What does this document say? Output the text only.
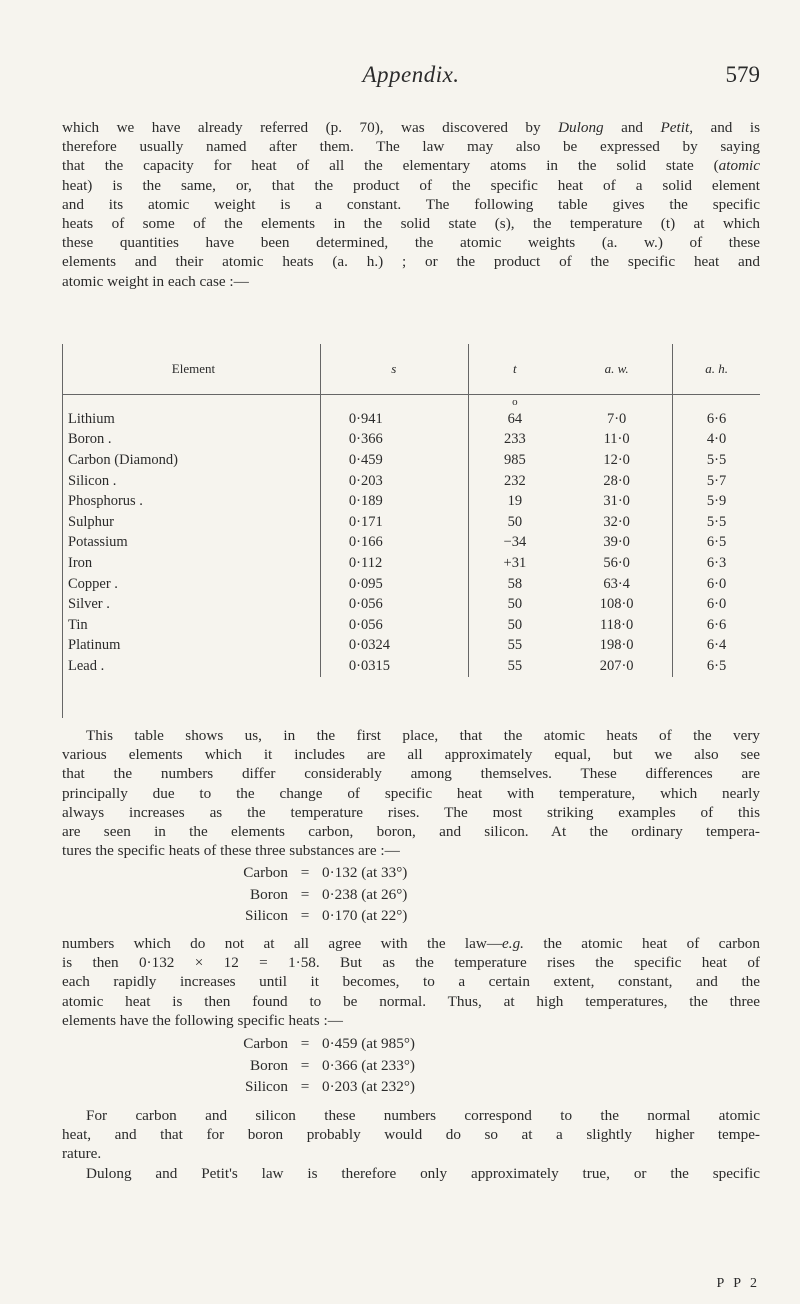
Appendix.	579
which we have already referred (p. 70), was discovered by Dulong and Petit, and is
therefore usually named after them. The law may also be expressed by saying
that the capacity for heat of all the elementary atoms in the solid state (atomic
heat) is the same, or, that the product of the specific heat of a solid element
and its atomic weight is a constant. The following table gives the specific
heats of some of the elements in the solid state (s), the temperature (t) at which
these quantities have been determined, the atomic weights (a. w.) of these
elements and their atomic heats (a. h.) ; or the product of the specific heat and
atomic weight in each case :—
Element	s	t	a. w.	a. h.
		o		
Lithium	0·941	64	7·0	6·6
Boron .	0·366	233	11·0	4·0
Carbon (Diamond)	0·459	985	12·0	5·5
Silicon .	0·203	232	28·0	5·7
Phosphorus .	0·189	19	31·0	5·9
Sulphur	0·171	50	32·0	5·5
Potassium	0·166	−34	39·0	6·5
Iron	0·112	+31	56·0	6·3
Copper .	0·095	58	63·4	6·0
Silver .	0·056	50	108·0	6·0
Tin	0·056	50	118·0	6·6
Platinum	0·0324	55	198·0	6·4
Lead .	0·0315	55	207·0	6·5
This table shows us, in the first place, that the atomic heats of the very
various elements which it includes are all approximately equal, but we also see
that the numbers differ considerably among themselves. These differences are
principally due to the change of specific heat with temperature, which nearly
always increases as the temperature rises. The most striking examples of this
are seen in the elements carbon, boron, and silicon. At the ordinary tempera-
tures the specific heats of these three substances are :—
Carbon = 0·132 (at 33°)
Boron = 0·238 (at 26°)
Silicon = 0·170 (at 22°)
numbers which do not at all agree with the law—e.g. the atomic heat of carbon
is then 0·132 × 12 = 1·58. But as the temperature rises the specific heat of
each rapidly increases until it becomes, to a certain extent, constant, and the
atomic heat is then found to be normal. Thus, at high temperatures, the three
elements have the following specific heats :—
Carbon = 0·459 (at 985°)
Boron = 0·366 (at 233°)
Silicon = 0·203 (at 232°)
For carbon and silicon these numbers correspond to the normal atomic
heat, and that for boron probably would do so at a slightly higher tempe-
rature.
Dulong and Petit's law is therefore only approximately true, or the specific
P P 2
